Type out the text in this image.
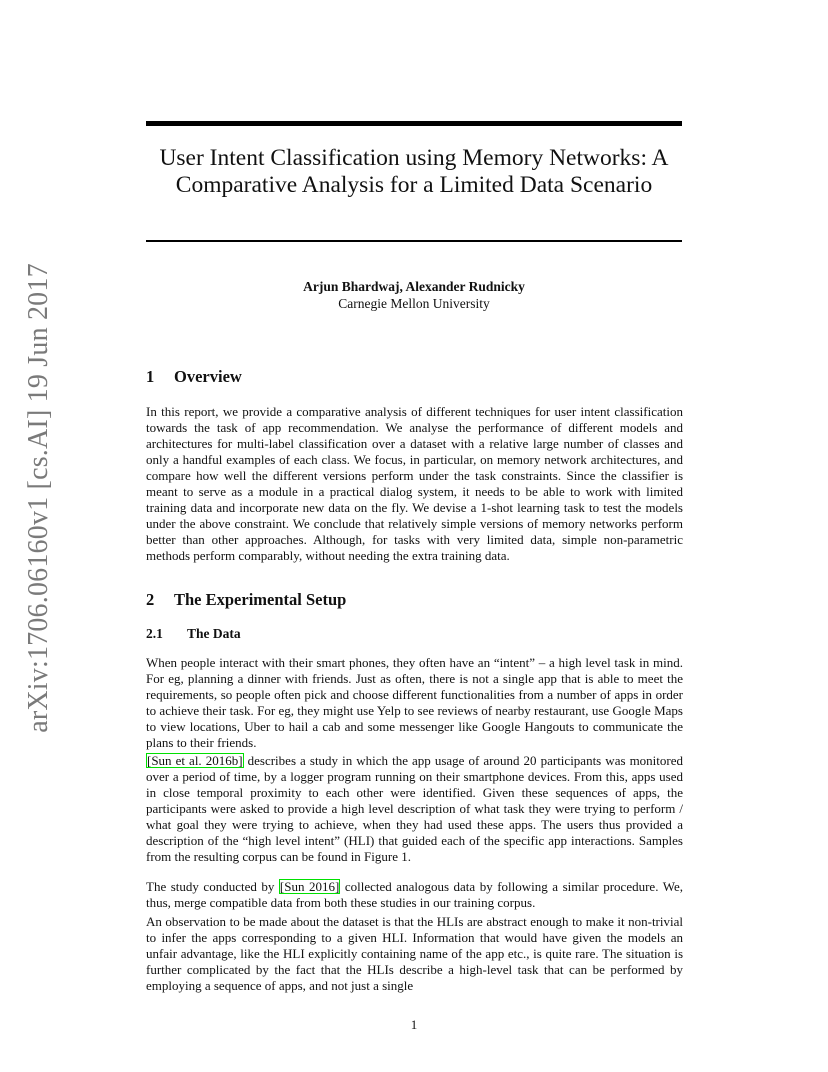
arXiv:1706.06160v1 [cs.AI] 19 Jun 2017
User Intent Classification using Memory Networks: A Comparative Analysis for a Limited Data Scenario
Arjun Bhardwaj, Alexander Rudnicky
Carnegie Mellon University
1 Overview

In this report, we provide a comparative analysis of different techniques for user intent classification towards the task of app recommendation. We analyse the performance of different models and architectures for multi-label classification over a dataset with a relative large number of classes and only a handful examples of each class. We focus, in particular, on memory network architectures, and compare how well the different versions perform under the task constraints. Since the classifier is meant to serve as a module in a practical dialog system, it needs to be able to work with limited training data and incorporate new data on the fly. We devise a 1-shot learning task to test the models under the above constraint. We conclude that relatively simple versions of memory networks perform better than other approaches. Although, for tasks with very limited data, simple non-parametric methods perform comparably, without needing the extra training data.

2 The Experimental Setup
2.1 The Data

When people interact with their smart phones, they often have an “intent” – a high level task in mind. For eg, planning a dinner with friends. Just as often, there is not a single app that is able to meet the requirements, so people often pick and choose different functionalities from a number of apps in order to achieve their task. For eg, they might use Yelp to see reviews of nearby restaurant, use Google Maps to view locations, Uber to hail a cab and some messenger like Google Hangouts to communicate the plans to their friends.

[Sun et al. 2016b] describes a study in which the app usage of around 20 participants was monitored over a period of time, by a logger program running on their smartphone devices. From this, apps used in close temporal proximity to each other were identified. Given these sequences of apps, the participants were asked to provide a high level description of what task they were trying to perform / what goal they were trying to achieve, when they had used these apps. The users thus provided a description of the “high level intent” (HLI) that guided each of the specific app interactions. Samples from the resulting corpus can be found in Figure 1.

The study conducted by [Sun 2016] collected analogous data by following a similar procedure. We, thus, merge compatible data from both these studies in our training corpus.

An observation to be made about the dataset is that the HLIs are abstract enough to make it non-trivial to infer the apps corresponding to a given HLI. Information that would have given the models an unfair advantage, like the HLI explicitly containing name of the app etc., is quite rare. The situation is further complicated by the fact that the HLIs describe a high-level task that can be performed by employing a sequence of apps, and not just a single

1
